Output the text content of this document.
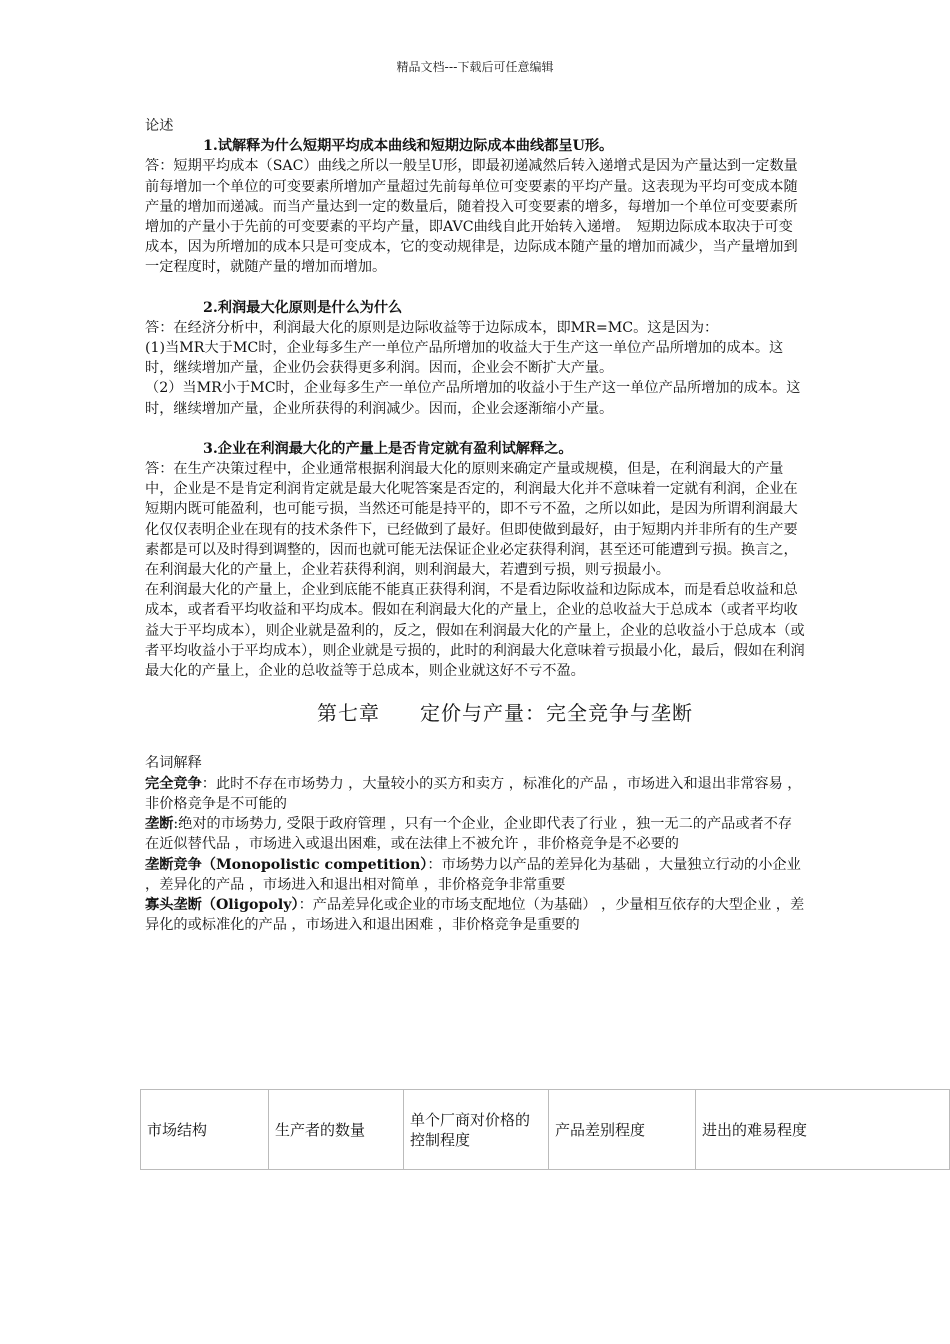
精品文档---下载后可任意编辑

论述

1.试解释为什么短期平均成本曲线和短期边际成本曲线都呈U形。

答：短期平均成本（SAC）曲线之所以一般呈U形，即最初递减然后转入递增式是因为产量达到一定数量前每增加一个单位的可变要素所增加产量超过先前每单位可变要素的平均产量。这表现为平均可变成本随产量的增加而递减。而当产量达到一定的数量后，随着投入可变要素的增多，每增加一个单位可变要素所增加的产量小于先前的可变要素的平均产量，即AVC曲线自此开始转入递增。　短期边际成本取决于可变成本，因为所增加的成本只是可变成本，它的变动规律是，边际成本随产量的增加而减少，当产量增加到一定程度时，就随产量的增加而增加。

2.利润最大化原则是什么为什么

答：在经济分析中，利润最大化的原则是边际收益等于边际成本，即MR=MC。这是因为：

(1)当MR大于MC时，企业每多生产一单位产品所增加的收益大于生产这一单位产品所增加的成本。这时，继续增加产量，企业仍会获得更多利润。因而，企业会不断扩大产量。

（2）当MR小于MC时，企业每多生产一单位产品所增加的收益小于生产这一单位产品所增加的成本。这时，继续增加产量，企业所获得的利润减少。因而，企业会逐渐缩小产量。

3.企业在利润最大化的产量上是否肯定就有盈利试解释之。

答：在生产决策过程中，企业通常根据利润最大化的原则来确定产量或规模，但是，在利润最大的产量中，企业是不是肯定利润肯定就是最大化呢答案是否定的，利润最大化并不意味着一定就有利润，企业在短期内既可能盈利，也可能亏损，当然还可能是持平的，即不亏不盈，之所以如此，是因为所谓利润最大化仅仅表明企业在现有的技术条件下，已经做到了最好。但即使做到最好，由于短期内并非所有的生产要素都是可以及时得到调整的，因而也就可能无法保证企业必定获得利润，甚至还可能遭到亏损。换言之，在利润最大化的产量上，企业若获得利润，则利润最大，若遭到亏损，则亏损最小。

在利润最大化的产量上，企业到底能不能真正获得利润，不是看边际收益和边际成本，而是看总收益和总成本，或者看平均收益和平均成本。假如在利润最大化的产量上，企业的总收益大于总成本（或者平均收益大于平均成本），则企业就是盈利的，反之，假如在利润最大化的产量上，企业的总收益小于总成本（或者平均收益小于平均成本），则企业就是亏损的，此时的利润最大化意味着亏损最小化，最后，假如在利润最大化的产量上，企业的总收益等于总成本，则企业就这好不亏不盈。

第七章 定价与产量：完全竞争与垄断

名词解释

完全竞争：此时不存在市场势力 ，大量较小的买方和卖方 ，标准化的产品 ，市场进入和退出非常容易 ，非价格竞争是不可能的

垄断:绝对的市场势力, 受限于政府管理 ，只有一个企业，企业即代表了行业 ，独一无二的产品或者不存在近似替代品 ，市场进入或退出困难，或在法律上不被允许 ，非价格竞争是不必要的

垄断竞争（Monopolistic competition）：市场势力以产品的差异化为基础 ，大量独立行动的小企业 ，差异化的产品 ，市场进入和退出相对简单 ，非价格竞争非常重要

寡头垄断（Oligopoly）：产品差异化或企业的市场支配地位（为基础） ，少量相互依存的大型企业 ，差异化的或标准化的产品 ，市场进入和退出困难 ，非价格竞争是重要的

市场结构	生产者的数量	单个厂商对价格的控制程度	产品差别程度	进出的难易程度
